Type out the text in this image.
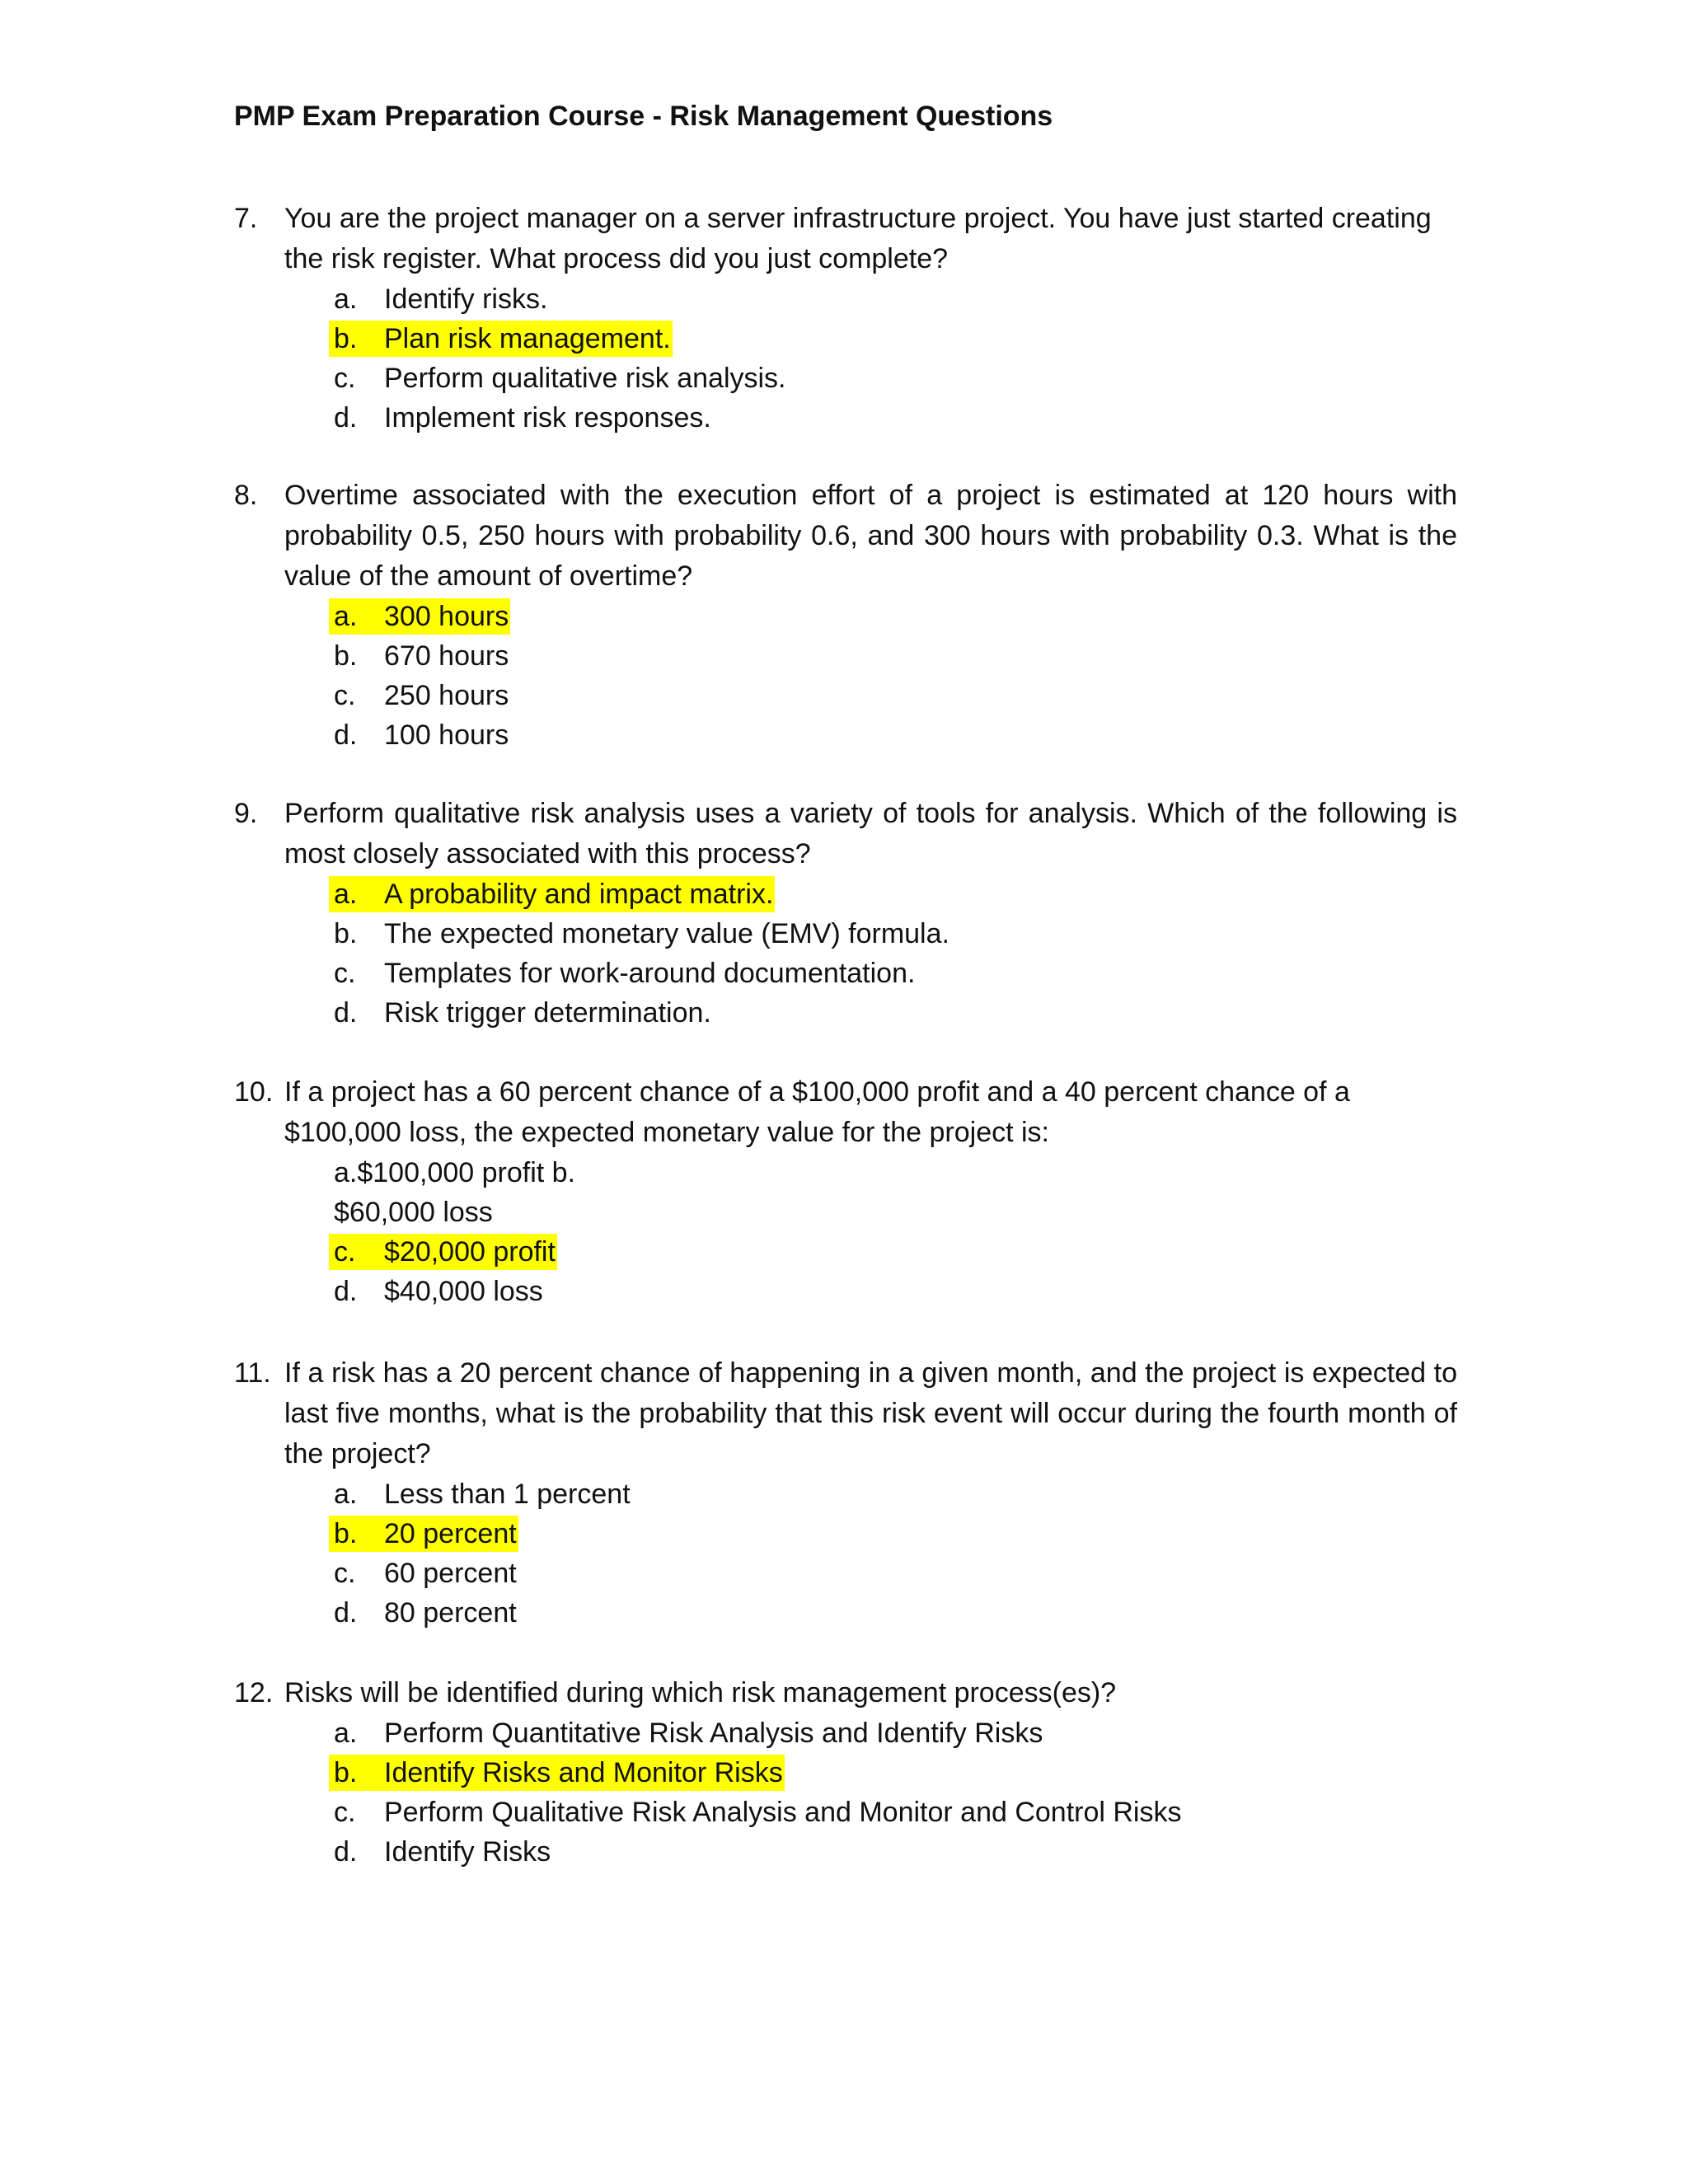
PMP Exam Preparation Course - Risk Management Questions
7. You are the project manager on a server infrastructure project. You have just started creating the risk register. What process did you just complete?
a. Identify risks.
b. Plan risk management.
c. Perform qualitative risk analysis.
d. Implement risk responses.
8. Overtime associated with the execution effort of a project is estimated at 120 hours with probability 0.5, 250 hours with probability 0.6, and 300 hours with probability 0.3. What is the value of the amount of overtime?
a. 300 hours
b. 670 hours
c. 250 hours
d. 100 hours
9. Perform qualitative risk analysis uses a variety of tools for analysis. Which of the following is most closely associated with this process?
a. A probability and impact matrix.
b. The expected monetary value (EMV) formula.
c. Templates for work-around documentation.
d. Risk trigger determination.
10. If a project has a 60 percent chance of a $100,000 profit and a 40 percent chance of a $100,000 loss, the expected monetary value for the project is:
a.$100,000 profit b.
$60,000 loss
c. $20,000 profit
d. $40,000 loss
11. If a risk has a 20 percent chance of happening in a given month, and the project is expected to last five months, what is the probability that this risk event will occur during the fourth month of the project?
a. Less than 1 percent
b. 20 percent
c. 60 percent
d. 80 percent
12. Risks will be identified during which risk management process(es)?
a. Perform Quantitative Risk Analysis and Identify Risks
b. Identify Risks and Monitor Risks
c. Perform Qualitative Risk Analysis and Monitor and Control Risks
d. Identify Risks
